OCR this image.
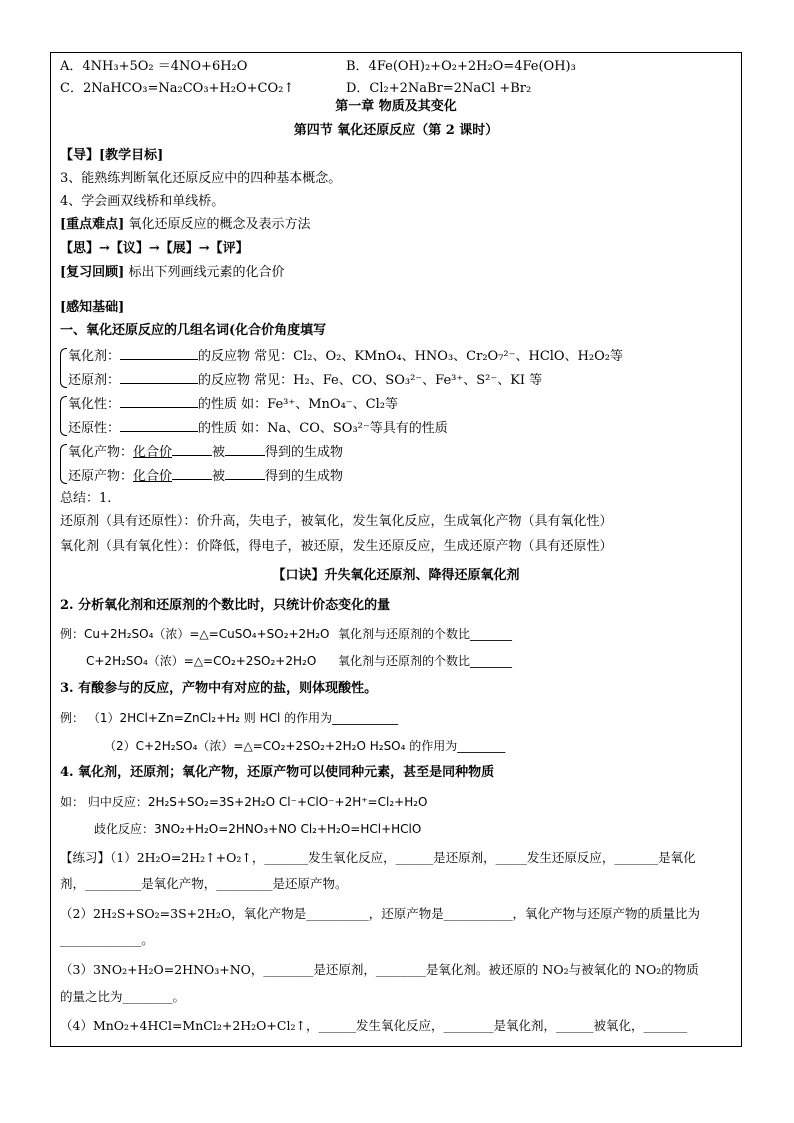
A．4NH₃+5O₂ ＝4NO+6H₂O	B．4Fe(OH)₂+O₂+2H₂O=4Fe(OH)₃
C．2NaHCO₃=Na₂CO₃+H₂O+CO₂↑	D．Cl₂+2NaBr=2NaCl +Br₂
第一章 物质及其变化
第四节 氧化还原反应（第 2 课时）
【导】[教学目标]
3、能熟练判断氧化还原反应中的四种基本概念。
4、学会画双线桥和单线桥。
[重点难点] 氧化还原反应的概念及表示方法
【思】→【议】→【展】→【评】
[复习回顾] 标出下列画线元素的化合价
[感知基础]
一、氧化还原反应的几组名词(化合价角度填写
氧化剂：	的反应物 常见：Cl₂、O₂、KMnO₄、HNO₃、Cr₂O₇²⁻、HClO、H₂O₂等
还原剂：	的反应物 常见：H₂、Fe、CO、SO₃²⁻、Fe³⁺、S²⁻、KI 等
氧化性：	的性质 如：Fe³⁺、MnO₄⁻、Cl₂等
还原性：	的性质 如：Na、CO、SO₃²⁻等具有的性质
氧化产物：化合价	被	得到的生成物
还原产物：化合价	被	得到的生成物
总结：1.
还原剂（具有还原性）：价升高，失电子，被氧化，发生氧化反应，生成氧化产物（具有氧化性）
氧化剂（具有氧化性）：价降低，得电子，被还原，发生还原反应，生成还原产物（具有还原性）
【口诀】升失氧化还原剂、降得还原氧化剂
2. 分析氧化剂和还原剂的个数比时，只统计价态变化的量
例：Cu+2H₂SO₄（浓）=△=CuSO₄+SO₂+2H₂O 氧化剂与还原剂的个数比_______
C+2H₂SO₄（浓）=△=CO₂+2SO₂+2H₂O 氧化剂与还原剂的个数比_______
3. 有酸参与的反应，产物中有对应的盐，则体现酸性。
例： （1）2HCl+Zn=ZnCl₂+H₂ 则 HCl 的作用为___________
（2）C+2H₂SO₄（浓）=△=CO₂+2SO₂+2H₂O H₂SO₄ 的作用为________
4. 氧化剂，还原剂；氧化产物，还原产物可以使同种元素，甚至是同种物质
如： 归中反应：2H₂S+SO₂=3S+2H₂O Cl⁻+ClO⁻+2H⁺=Cl₂+H₂O
歧化反应：3NO₂+H₂O=2HNO₃+NO Cl₂+H₂O=HCl+HClO
【练习】（1）2H₂O=2H₂↑+O₂↑，_______发生氧化反应，______是还原剂，_____发生还原反应，_______是氧化
剂，_________是氧化产物，_________是还原产物。
（2）2H₂S+SO₂=3S+2H₂O，氧化产物是__________，还原产物是___________，氧化产物与还原产物的质量比为
_____________。
（3）3NO₂+H₂O=2HNO₃+NO，________是还原剂，________是氧化剂。被还原的 NO₂与被氧化的 NO₂的物质
的量之比为________。
（4）MnO₂+4HCl=MnCl₂+2H₂O+Cl₂↑，______发生氧化反应，________是氧化剂，______被氧化，_______
